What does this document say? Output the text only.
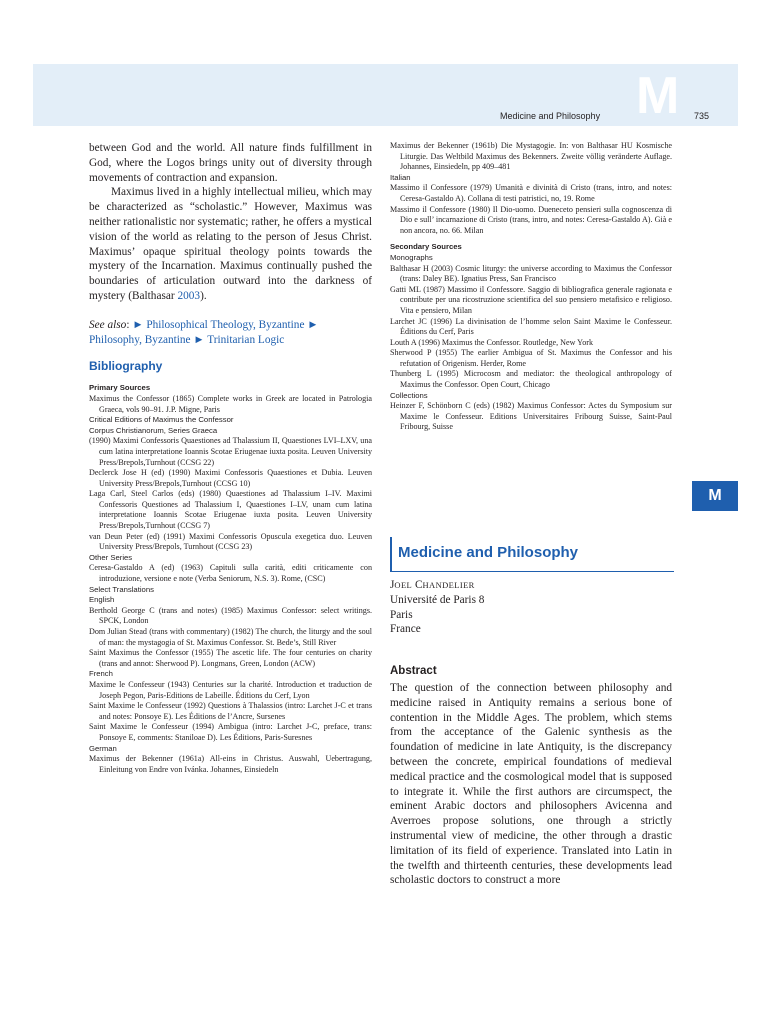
Medicine and Philosophy M 735
M

between God and the world. All nature finds fulfillment in God, where the Logos brings unity out of diversity through movements of contraction and expansion.

Maximus lived in a highly intellectual milieu, which may be characterized as “scholastic.” However, Maximus was neither rationalistic nor systematic; rather, he offers a mystical vision of the world as relating to the person of Jesus Christ. Maximus’ opaque spiritual theology points towards the mystery of the Incarnation. Maximus continually pushed the boundaries of articulation outward into the darkness of mystery (Balthasar 2003).

See also: ► Philosophical Theology, Byzantine ► Philosophy, Byzantine ► Trinitarian Logic

Bibliography

Primary Sources

Maximus the Confessor (1865) Complete works in Greek are located in Patrologia Graeca, vols 90–91. J.P. Migne, Paris

Critical Editions of Maximus the Confessor

Corpus Christianorum, Series Graeca

(1990) Maximi Confessoris Quaestiones ad Thalassium II, Quaestiones LVI–LXV, una cum latina interpretatione Ioannis Scotae Eriugenae iuxta posita. Leuven University Press/Brepols,Turnhout (CCSG 22)

Declerck Jose H (ed) (1990) Maximi Confessoris Quaestiones et Dubia. Leuven University Press/Brepols,Turnhout (CCSG 10)

Laga Carl, Steel Carlos (eds) (1980) Quaestiones ad Thalassium I–IV. Maximi Confessoris Questiones ad Thalassium I, Quaestiones I–LV, unam cum latina interpretatione Ioannis Scotae Eriugenae iuxta posita. Leuven University Press/Brepols,Turnhout (CCSG 7)

van Deun Peter (ed) (1991) Maximi Confessoris Opuscula exegetica duo. Leuven University Press/Brepols, Turnhout (CCSG 23)

Other Series

Ceresa-Gastaldo A (ed) (1963) Capituli sulla carità, editi criticamente con introduzione, versione e note (Verba Seniorum, N.S. 3). Rome, (CSC)

Select Translations

English

Berthold George C (trans and notes) (1985) Maximus Confessor: select writings. SPCK, London

Dom Julian Stead (trans with commentary) (1982) The church, the liturgy and the soul of man: the mystagogia of St. Maximus Confessor. St. Bede’s, Still River

Saint Maximus the Confessor (1955) The ascetic life. The four centuries on charity (trans and annot: Sherwood P). Longmans, Green, London (ACW)

French

Maxime le Confesseur (1943) Centuries sur la charité. Introduction et traduction de Joseph Pegon, Paris-Editions de Labeille. Éditions du Cerf, Lyon

Saint Maxime le Confesseur (1992) Questions à Thalassios (intro: Larchet J-C et trans and notes: Ponsoye E). Les Éditions de l’Ancre, Sursenes

Saint Maxime le Confesseur (1994) Ambigua (intro: Larchet J-C, preface, trans: Ponsoye E, comments: Staniloae D). Les Éditions, Paris-Suresnes

German

Maximus der Bekenner (1961a) All-eins in Christus. Auswahl, Uebertragung, Einleitung von Endre von Ivánka. Johannes, Einsiedeln

Maximus der Bekenner (1961b) Die Mystagogie. In: von Balthasar HU Kosmische Liturgie. Das Weltbild Maximus des Bekenners. Zweite völlig veränderte Auflage. Johannes, Einsiedeln, pp 409–481

Italian

Massimo il Confessore (1979) Umanità e divinità di Cristo (trans, intro, and notes: Ceresa-Gastaldo A). Collana di testi patristici, no, 19. Rome

Massimo il Confessore (1980) Il Dio-uomo. Dueneceto pensieri sulla cognoscenza di Dio e sull’ incarnazione di Cristo (trans, intro, and notes: Ceresa-Gastaldo A). Già e non ancora, no. 66. Milan

Secondary Sources

Monographs

Balthasar H (2003) Cosmic liturgy: the universe according to Maximus the Confessor (trans: Daley BE). Ignatius Press, San Francisco

Gatti ML (1987) Massimo il Confessore. Saggio di bibliografica generale ragionata e contribute per una ricostruzione scientifica del suo pensiero metafisico e religioso. Vita e pensiero, Milan

Larchet JC (1996) La divinisation de l’homme selon Saint Maxime le Confesseur. Éditions du Cerf, Paris

Louth A (1996) Maximus the Confessor. Routledge, New York

Sherwood P (1955) The earlier Ambigua of St. Maximus the Confessor and his refutation of Origenism. Herder, Rome

Thunberg L (1995) Microcosm and mediator: the theological anthropology of Maximus the Confessor. Open Court, Chicago

Collections

Heinzer F, Schönborn C (eds) (1982) Maximus Confessor: Actes du Symposium sur Maxime le Confesseur. Editions Universitaires Fribourg Suisse, Saint-Paul Fribourg, Suisse

Medicine and Philosophy
JOEL CHANDELIER
Université de Paris 8
Paris
France
Abstract

The question of the connection between philosophy and medicine raised in Antiquity remains a serious bone of contention in the Middle Ages. The problem, which stems from the acceptance of the Galenic synthesis as the foundation of medicine in late Antiquity, is the discrepancy between the concrete, empirical foundations of medieval medical practice and the cosmological model that is supposed to integrate it. While the first authors are circumspect, the eminent Arabic doctors and philosophers Avicenna and Averroes propose solutions, one through a strictly instrumental view of medicine, the other through a drastic limitation of its field of experience. Translated into Latin in the twelfth and thirteenth centuries, these developments lead scholastic doctors to construct a more
